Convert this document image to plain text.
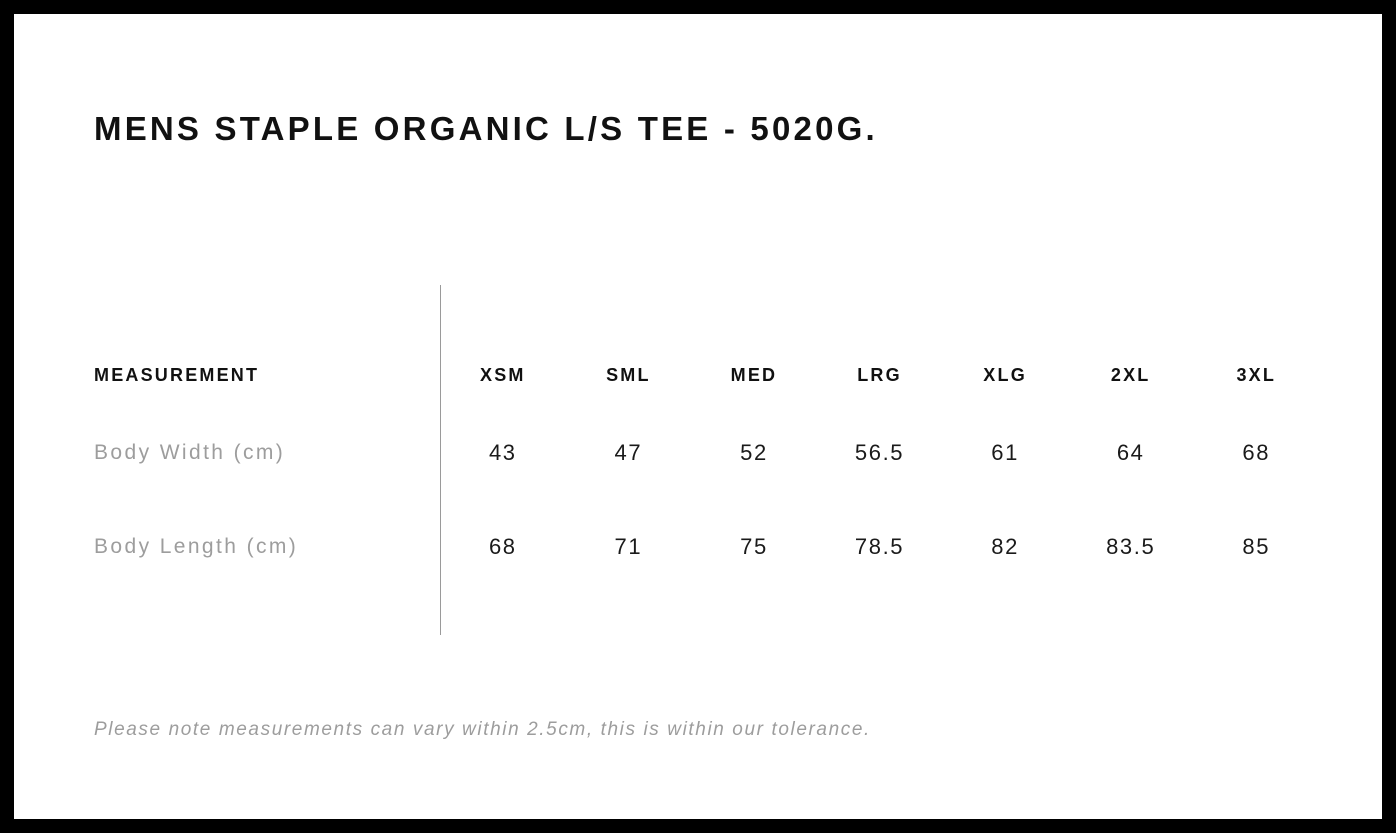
MENS STAPLE ORGANIC L/S TEE - 5020G.
MEASUREMENT	XSM	SML	MED	LRG	XLG	2XL	3XL
Body Width (cm)	43	47	52	56.5	61	64	68
Body Length (cm)	68	71	75	78.5	82	83.5	85
Please note measurements can vary within 2.5cm, this is within our tolerance.
